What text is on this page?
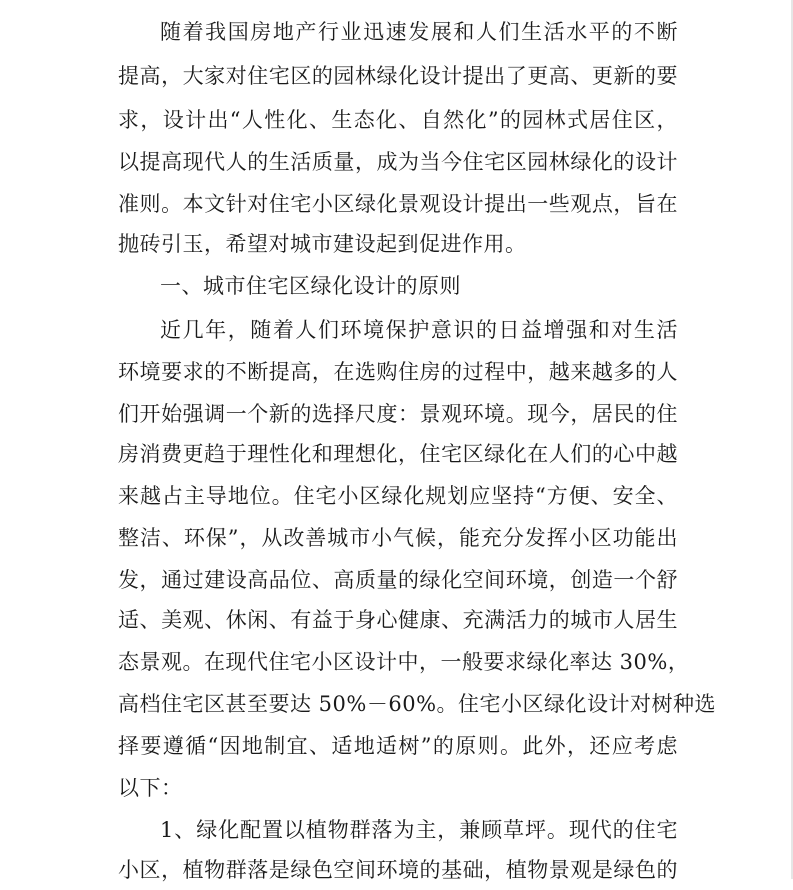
随着我国房地产行业迅速发展和人们生活水平的不断
提高，大家对住宅区的园林绿化设计提出了更高、更新的要
求，设计出“人性化、生态化、自然化”的园林式居住区，
以提高现代人的生活质量，成为当今住宅区园林绿化的设计
准则。本文针对住宅小区绿化景观设计提出一些观点，旨在
抛砖引玉，希望对城市建设起到促进作用。
一、城市住宅区绿化设计的原则
近几年，随着人们环境保护意识的日益增强和对生活
环境要求的不断提高，在选购住房的过程中，越来越多的人
们开始强调一个新的选择尺度：景观环境。现今，居民的住
房消费更趋于理性化和理想化，住宅区绿化在人们的心中越
来越占主导地位。住宅小区绿化规划应坚持“方便、安全、
整洁、环保”，从改善城市小气候，能充分发挥小区功能出
发，通过建设高品位、高质量的绿化空间环境，创造一个舒
适、美观、休闲、有益于身心健康、充满活力的城市人居生
态景观。在现代住宅小区设计中，一般要求绿化率达 30%，
高档住宅区甚至要达 50%－60%。住宅小区绿化设计对树种选
择要遵循“因地制宜、适地适树”的原则。此外，还应考虑
以下：
1、绿化配置以植物群落为主，兼顾草坪。现代的住宅
小区，植物群落是绿色空间环境的基础，植物景观是绿色的
